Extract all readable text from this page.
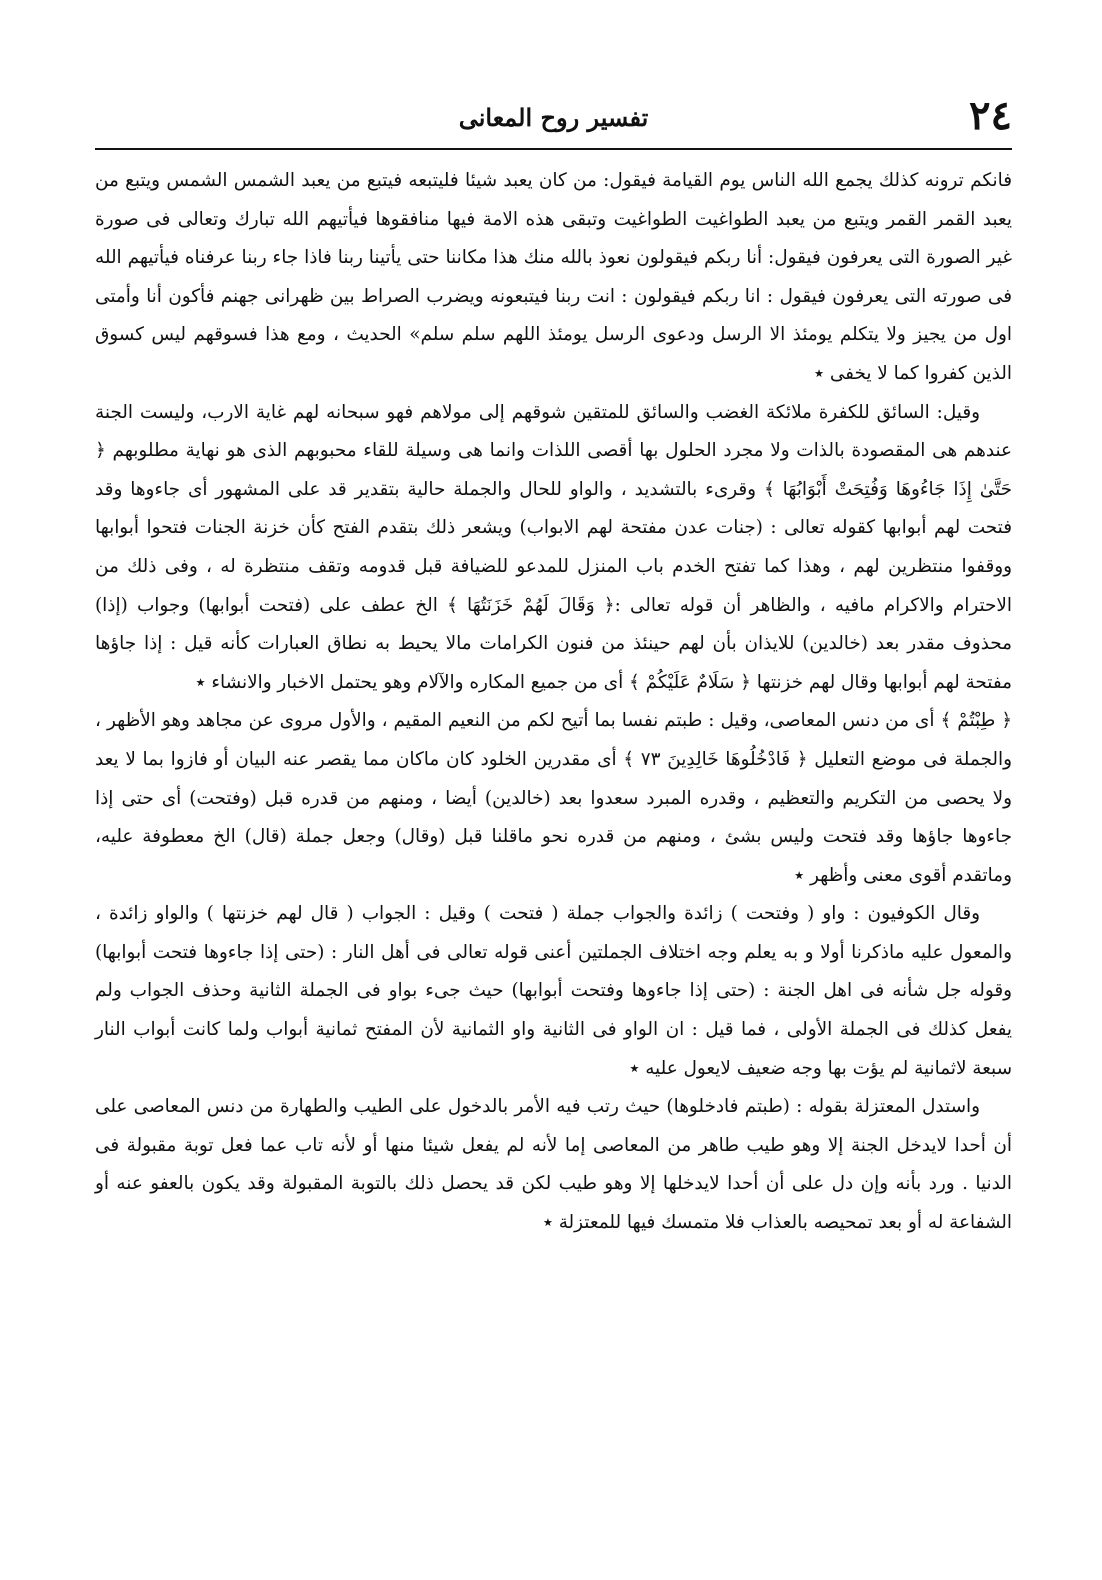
٢٤
تفسير روح المعانى

فانكم ترونه كذلك يجمع الله الناس يوم القيامة فيقول: من كان يعبد شيئا فليتبعه فيتبع من يعبد الشمس الشمس ويتبع من يعبد القمر القمر ويتبع من يعبد الطواغيت الطواغيت وتبقى هذه الامة فيها منافقوها فيأتيهم الله تبارك وتعالى فى صورة غير الصورة التى يعرفون فيقول: أنا ربكم فيقولون نعوذ بالله منك هذا مكاننا حتى يأتينا ربنا فاذا جاء ربنا عرفناه فيأتيهم الله فى صورته التى يعرفون فيقول : انا ربكم فيقولون : انت ربنا فيتبعونه ويضرب الصراط بين ظهرانى جهنم فأكون أنا وأمتى اول من يجيز ولا يتكلم يومئذ الا الرسل ودعوى الرسل يومئذ اللهم سلم سلم» الحديث ، ومع هذا فسوقهم ليس كسوق الذين كفروا كما لا يخفى ٭

وقيل: السائق للكفرة ملائكة الغضب والسائق للمتقين شوقهم إلى مولاهم فهو سبحانه لهم غاية الارب، وليست الجنة عندهم هى المقصودة بالذات ولا مجرد الحلول بها أقصى اللذات وانما هى وسيلة للقاء محبوبهم الذى هو نهاية مطلوبهم ﴿ حَتَّىٰ إِذَا جَاءُوهَا وَفُتِحَتْ أَبْوَابُهَا ﴾ وقرىء بالتشديد ، والواو للحال والجملة حالية بتقدير قد على المشهور أى جاءوها وقد فتحت لهم أبوابها كقوله تعالى : (جنات عدن مفتحة لهم الابواب) ويشعر ذلك بتقدم الفتح كأن خزنة الجنات فتحوا أبوابها ووقفوا منتظرين لهم ، وهذا كما تفتح الخدم باب المنزل للمدعو للضيافة قبل قدومه وتقف منتظرة له ، وفى ذلك من الاحترام والاكرام مافيه ، والظاهر أن قوله تعالى :﴿ وَقَالَ لَهُمْ خَزَنَتُهَا ﴾ الخ عطف على (فتحت أبوابها) وجواب (إذا) محذوف مقدر بعد (خالدين) للايذان بأن لهم حينئذ من فنون الكرامات مالا يحيط به نطاق العبارات كأنه قيل : إذا جاؤها مفتحة لهم أبوابها وقال لهم خزنتها ﴿ سَلَامٌ عَلَيْكُمْ ﴾ أى من جميع المكاره والآلام وهو يحتمل الاخبار والانشاء ٭

﴿ طِبْتُمْ ﴾ أى من دنس المعاصى، وقيل : طبتم نفسا بما أتيح لكم من النعيم المقيم ، والأول مروى عن مجاهد وهو الأظهر ، والجملة فى موضع التعليل ﴿ فَادْخُلُوهَا خَالِدِينَ ٧٣ ﴾ أى مقدرين الخلود كان ماكان مما يقصر عنه البيان أو فازوا بما لا يعد ولا يحصى من التكريم والتعظيم ، وقدره المبرد سعدوا بعد (خالدين) أيضا ، ومنهم من قدره قبل (وفتحت) أى حتى إذا جاءوها جاؤها وقد فتحت وليس بشئ ، ومنهم من قدره نحو ماقلنا قبل (وقال) وجعل جملة (قال) الخ معطوفة عليه، وماتقدم أقوى معنى وأظهر ٭

وقال الكوفيون : واو ( وفتحت ) زائدة والجواب جملة ( فتحت ) وقيل : الجواب ( قال لهم خزنتها ) والواو زائدة ، والمعول عليه ماذكرنا أولا و به يعلم وجه اختلاف الجملتين أعنى قوله تعالى فى أهل النار : (حتى إذا جاءوها فتحت أبوابها) وقوله جل شأنه فى اهل الجنة : (حتى إذا جاءوها وفتحت أبوابها) حيث جىء بواو فى الجملة الثانية وحذف الجواب ولم يفعل كذلك فى الجملة الأولى ، فما قيل : ان الواو فى الثانية واو الثمانية لأن المفتح ثمانية أبواب ولما كانت أبواب النار سبعة لاثمانية لم يؤت بها وجه ضعيف لايعول عليه ٭

واستدل المعتزلة بقوله : (طبتم فادخلوها) حيث رتب فيه الأمر بالدخول على الطيب والطهارة من دنس المعاصى على أن أحدا لايدخل الجنة إلا وهو طيب طاهر من المعاصى إما لأنه لم يفعل شيئا منها أو لأنه تاب عما فعل توبة مقبولة فى الدنيا . ورد بأنه وإن دل على أن أحدا لايدخلها إلا وهو طيب لكن قد يحصل ذلك بالتوبة المقبولة وقد يكون بالعفو عنه أو الشفاعة له أو بعد تمحيصه بالعذاب فلا متمسك فيها للمعتزلة ٭
